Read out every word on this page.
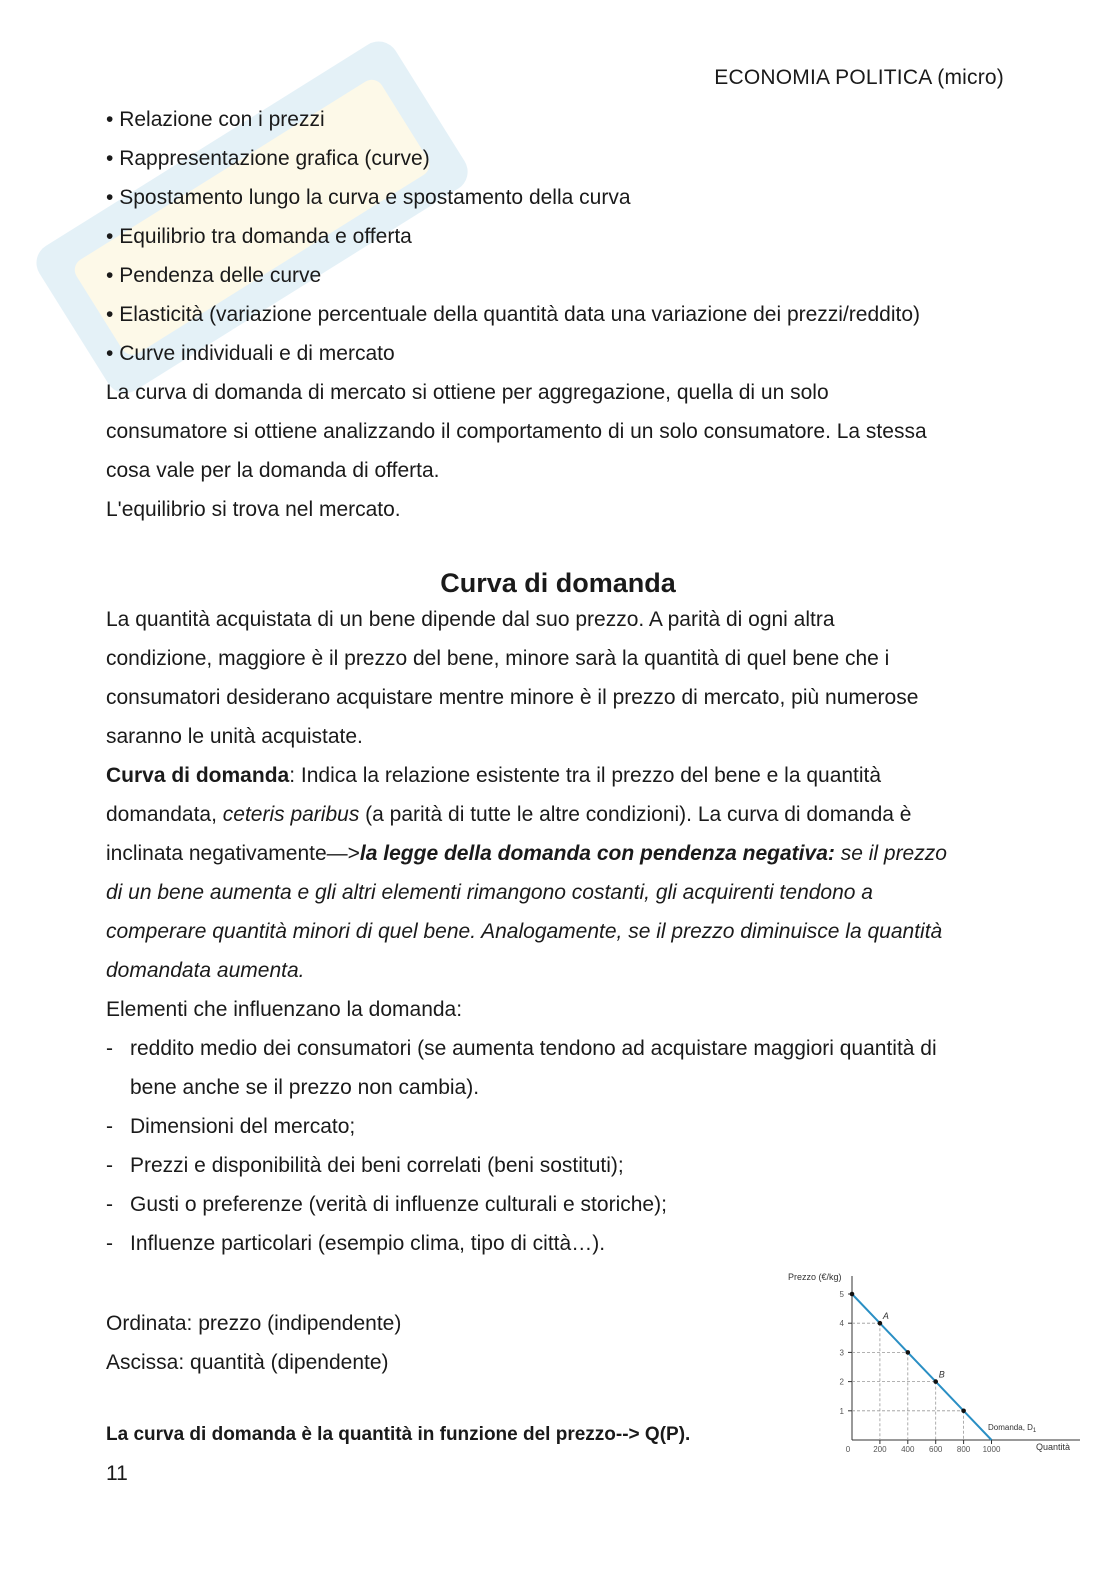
ECONOMIA POLITICA (micro)
• Relazione con i prezzi
• Rappresentazione grafica (curve)
• Spostamento lungo la curva e spostamento della curva
• Equilibrio tra domanda e offerta
• Pendenza delle curve
• Elasticità (variazione percentuale della quantità data una variazione dei prezzi/reddito)
• Curve individuali e di mercato
La curva di domanda di mercato si ottiene per aggregazione, quella di un solo
consumatore si ottiene analizzando il comportamento di un solo consumatore. La stessa
cosa vale per la domanda di offerta.
L'equilibrio si trova nel mercato.
Curva di domanda
La quantità acquistata di un bene dipende dal suo prezzo. A parità di ogni altra
condizione, maggiore è il prezzo del bene, minore sarà la quantità di quel bene che i
consumatori desiderano acquistare mentre minore è il prezzo di mercato, più numerose
saranno le unità acquistate.
Curva di domanda: Indica la relazione esistente tra il prezzo del bene e la quantità
domandata, ceteris paribus (a parità di tutte le altre condizioni). La curva di domanda è
inclinata negativamente—>la legge della domanda con pendenza negativa: se il prezzo
di un bene aumenta e gli altri elementi rimangono costanti, gli acquirenti tendono a
comperare quantità minori di quel bene. Analogamente, se il prezzo diminuisce la quantità
domandata aumenta.
Elementi che influenzano la domanda:
- reddito medio dei consumatori (se aumenta tendono ad acquistare maggiori quantità di
bene anche se il prezzo non cambia).
- Dimensioni del mercato;
- Prezzi e disponibilità dei beni correlati (beni sostituti);
- Gusti o preferenze (verità di influenze culturali e storiche);
- Influenze particolari (esempio clima, tipo di città…).
Ordinata: prezzo (indipendente)
Ascissa: quantità (dipendente)
La curva di domanda è la quantità in funzione del prezzo--> Q(P).
11
Prezzo (€/kg)
Quantità
1
2
3
4
5
0	200 400 600 800 1000
A
B
Domanda, $D_1$
